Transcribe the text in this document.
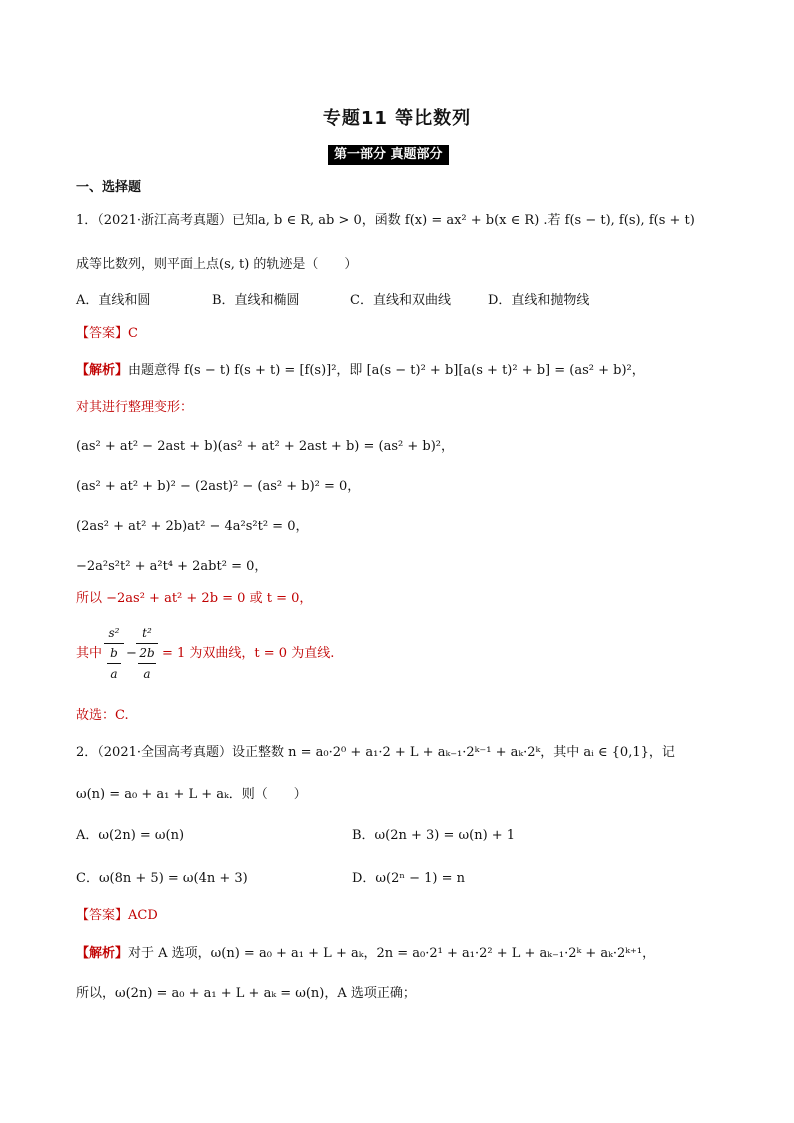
专题11 等比数列
第一部分 真题部分
一、选择题
1．（2021·浙江高考真题）已知a, b ∈ R, ab > 0，函数 f(x) = ax² + b(x ∈ R) .若 f(s − t), f(s), f(s + t)
成等比数列，则平面上点(s, t) 的轨迹是（　　）
A．直线和圆	B．直线和椭圆	C．直线和双曲线	D．直线和抛物线
【答案】C
【解析】由题意得 f(s − t) f(s + t) = [f(s)]²，即 [a(s − t)² + b][a(s + t)² + b] = (as² + b)²，
对其进行整理变形：
(as² + at² − 2ast + b)(as² + at² + 2ast + b) = (as² + b)²，
(as² + at² + b)² − (2ast)² − (as² + b)² = 0，
(2as² + at² + 2b)at² − 4a²s²t² = 0，
−2a²s²t² + a²t⁴ + 2abt² = 0，
所以 −2as² + at² + 2b = 0 或 t = 0，
其中
s²
b
a
−
t²
2b
a
= 1 为双曲线，t = 0 为直线.
故选：C.
2．（2021·全国高考真题）设正整数 n = a₀·2⁰ + a₁·2 + L + aₖ₋₁·2ᵏ⁻¹ + aₖ·2ᵏ，其中 aᵢ ∈ {0,1}，记
ω(n) = a₀ + a₁ + L + aₖ．则（　　）
A．ω(2n) = ω(n)	B．ω(2n + 3) = ω(n) + 1
C．ω(8n + 5) = ω(4n + 3)	D．ω(2ⁿ − 1) = n
【答案】ACD
【解析】对于 A 选项，ω(n) = a₀ + a₁ + L + aₖ，2n = a₀·2¹ + a₁·2² + L + aₖ₋₁·2ᵏ + aₖ·2ᵏ⁺¹，
所以，ω(2n) = a₀ + a₁ + L + aₖ = ω(n)，A 选项正确；
